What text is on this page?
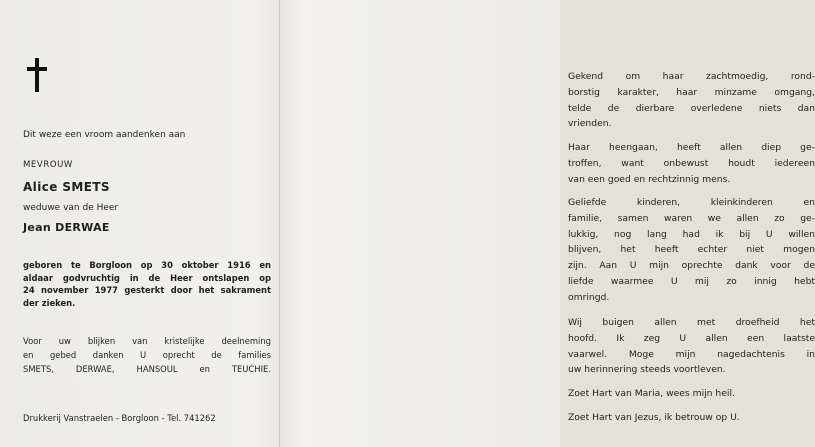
Dit weze een vroom aandenken aan

MEVROUW

Alice SMETS

weduwe van de Heer

Jean DERWAE

geboren te Borgloon op 30 oktober 1916 en
aldaar godvruchtig in de Heer ontslapen op
24 november 1977 gesterkt door het sakrament
der zieken.

Voor uw blijken van kristelijke deelneming
en gebed danken U oprecht de families
SMETS, DERWAE, HANSOUL en TEUCHIE.

Drukkerij Vanstraelen - Borgloon - Tel. 741262

Gekend om haar zachtmoedig, rond-
borstig karakter, haar minzame omgang,
telde de dierbare overledene niets dan
vrienden.

Haar heengaan, heeft allen diep ge-
troffen, want onbewust houdt iedereen
van een goed en rechtzinnig mens.

Geliefde kinderen, kleinkinderen en
familie, samen waren we allen zo ge-
lukkig, nog lang had ik bij U willen
blijven, het heeft echter niet mogen
zijn. Aan U mijn oprechte dank voor de
liefde waarmee U mij zo innig hebt
omringd.

Wij buigen allen met droefheid het
hoofd. Ik zeg U allen een laatste
vaarwel. Moge mijn nagedachtenis in
uw herinnering steeds voortleven.

Zoet Hart van Maria, wees mijn heil.

Zoet Hart van Jezus, ik betrouw op U.
